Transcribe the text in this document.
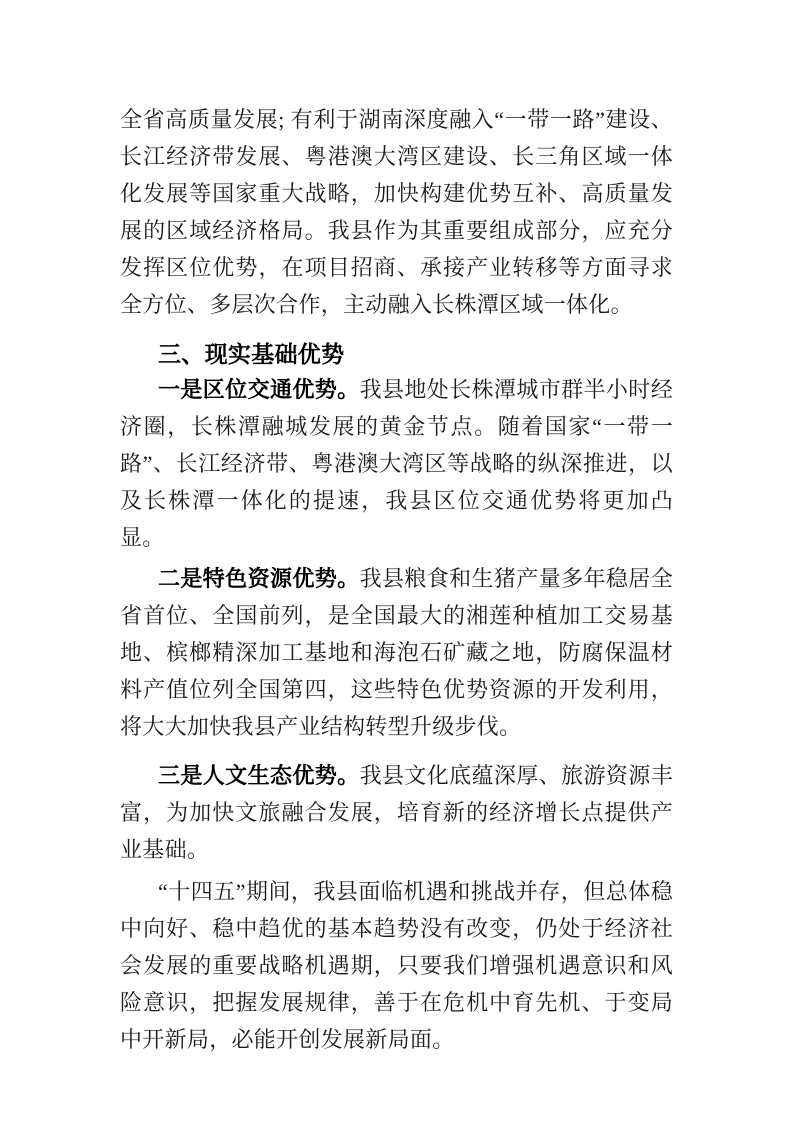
全省高质量发展; 有利于湖南深度融入“一带一路”建设、长江经济带发展、粤港澳大湾区建设、长三角区域一体化发展等国家重大战略，加快构建优势互补、高质量发展的区域经济格局。我县作为其重要组成部分，应充分发挥区位优势，在项目招商、承接产业转移等方面寻求全方位、多层次合作，主动融入长株潭区域一体化。

三、现实基础优势

一是区位交通优势。我县地处长株潭城市群半小时经济圈，长株潭融城发展的黄金节点。随着国家“一带一路”、长江经济带、粤港澳大湾区等战略的纵深推进，以及长株潭一体化的提速，我县区位交通优势将更加凸显。

二是特色资源优势。我县粮食和生猪产量多年稳居全省首位、全国前列，是全国最大的湘莲种植加工交易基地、槟榔精深加工基地和海泡石矿藏之地，防腐保温材料产值位列全国第四，这些特色优势资源的开发利用，将大大加快我县产业结构转型升级步伐。

三是人文生态优势。我县文化底蕴深厚、旅游资源丰富，为加快文旅融合发展，培育新的经济增长点提供产业基础。

“十四五”期间，我县面临机遇和挑战并存，但总体稳中向好、稳中趋优的基本趋势没有改变，仍处于经济社会发展的重要战略机遇期，只要我们增强机遇意识和风险意识，把握发展规律，善于在危机中育先机、于变局中开新局，必能开创发展新局面。
